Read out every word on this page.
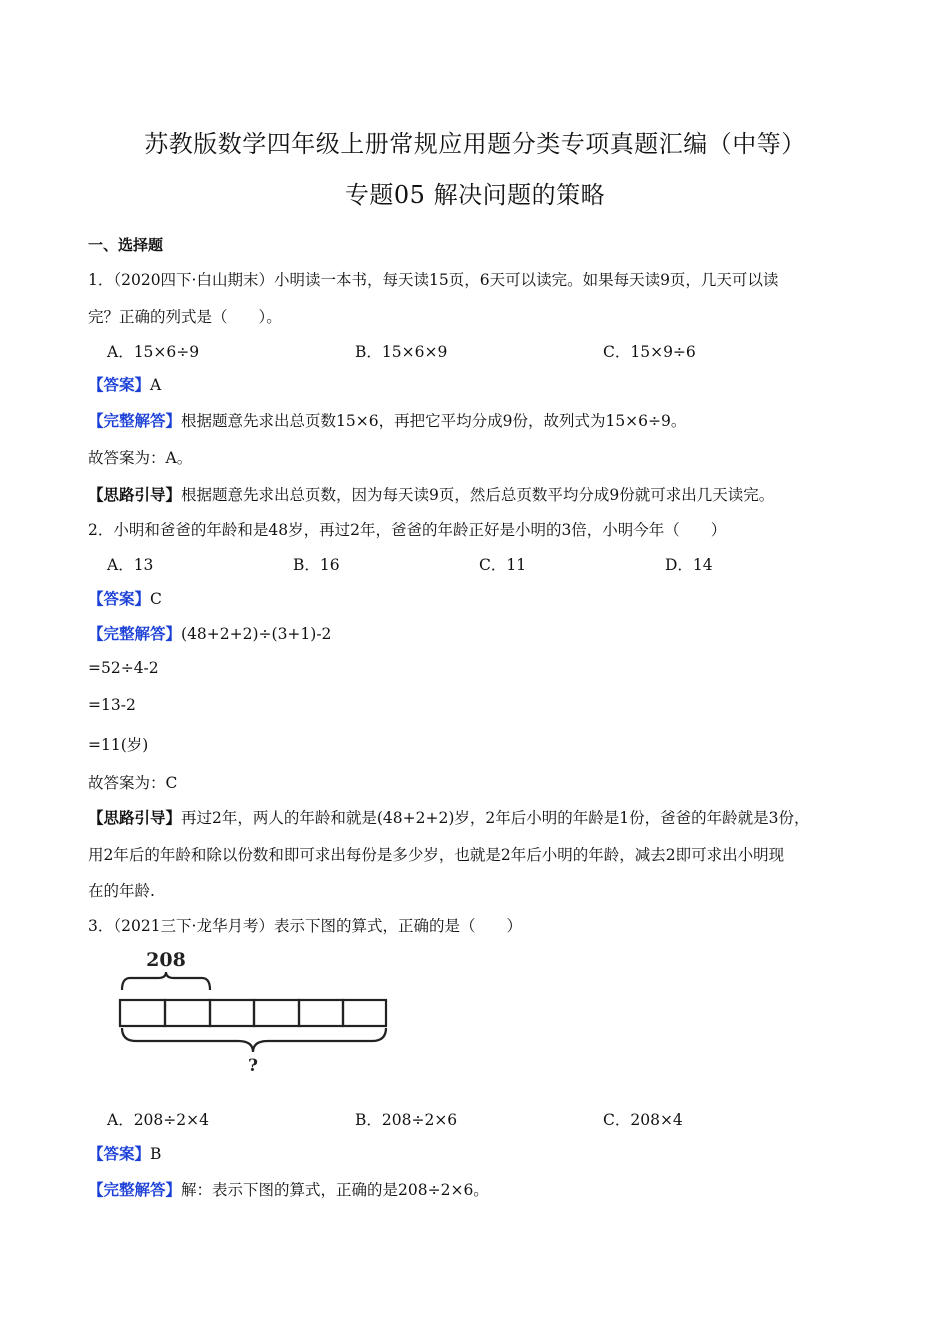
苏教版数学四年级上册常规应用题分类专项真题汇编（中等）
专题05 解决问题的策略
一、选择题
1．（2020四下·白山期末）小明读一本书，每天读15页，6天可以读完。如果每天读9页，几天可以读
完？正确的列式是（　　）。
A．15×6÷9	B．15×6×9	C．15×9÷6
【答案】A
【完整解答】根据题意先求出总页数15×6，再把它平均分成9份，故列式为15×6÷9。
故答案为：A。
【思路引导】根据题意先求出总页数，因为每天读9页，然后总页数平均分成9份就可求出几天读完。
2．小明和爸爸的年龄和是48岁，再过2年，爸爸的年龄正好是小明的3倍，小明今年（　　）
A．13	B．16	C．11	D．14
【答案】C
【完整解答】(48+2+2)÷(3+1)-2
=52÷4-2
=13-2
=11(岁)
故答案为：C
【思路引导】再过2年，两人的年龄和就是(48+2+2)岁，2年后小明的年龄是1份，爸爸的年龄就是3份，
用2年后的年龄和除以份数和即可求出每份是多少岁，也就是2年后小明的年龄，减去2即可求出小明现
在的年龄.
3．（2021三下·龙华月考）表示下图的算式，正确的是（　　）
208
?
A．208÷2×4	B．208÷2×6	C．208×4
【答案】B
【完整解答】解：表示下图的算式，正确的是208÷2×6。
